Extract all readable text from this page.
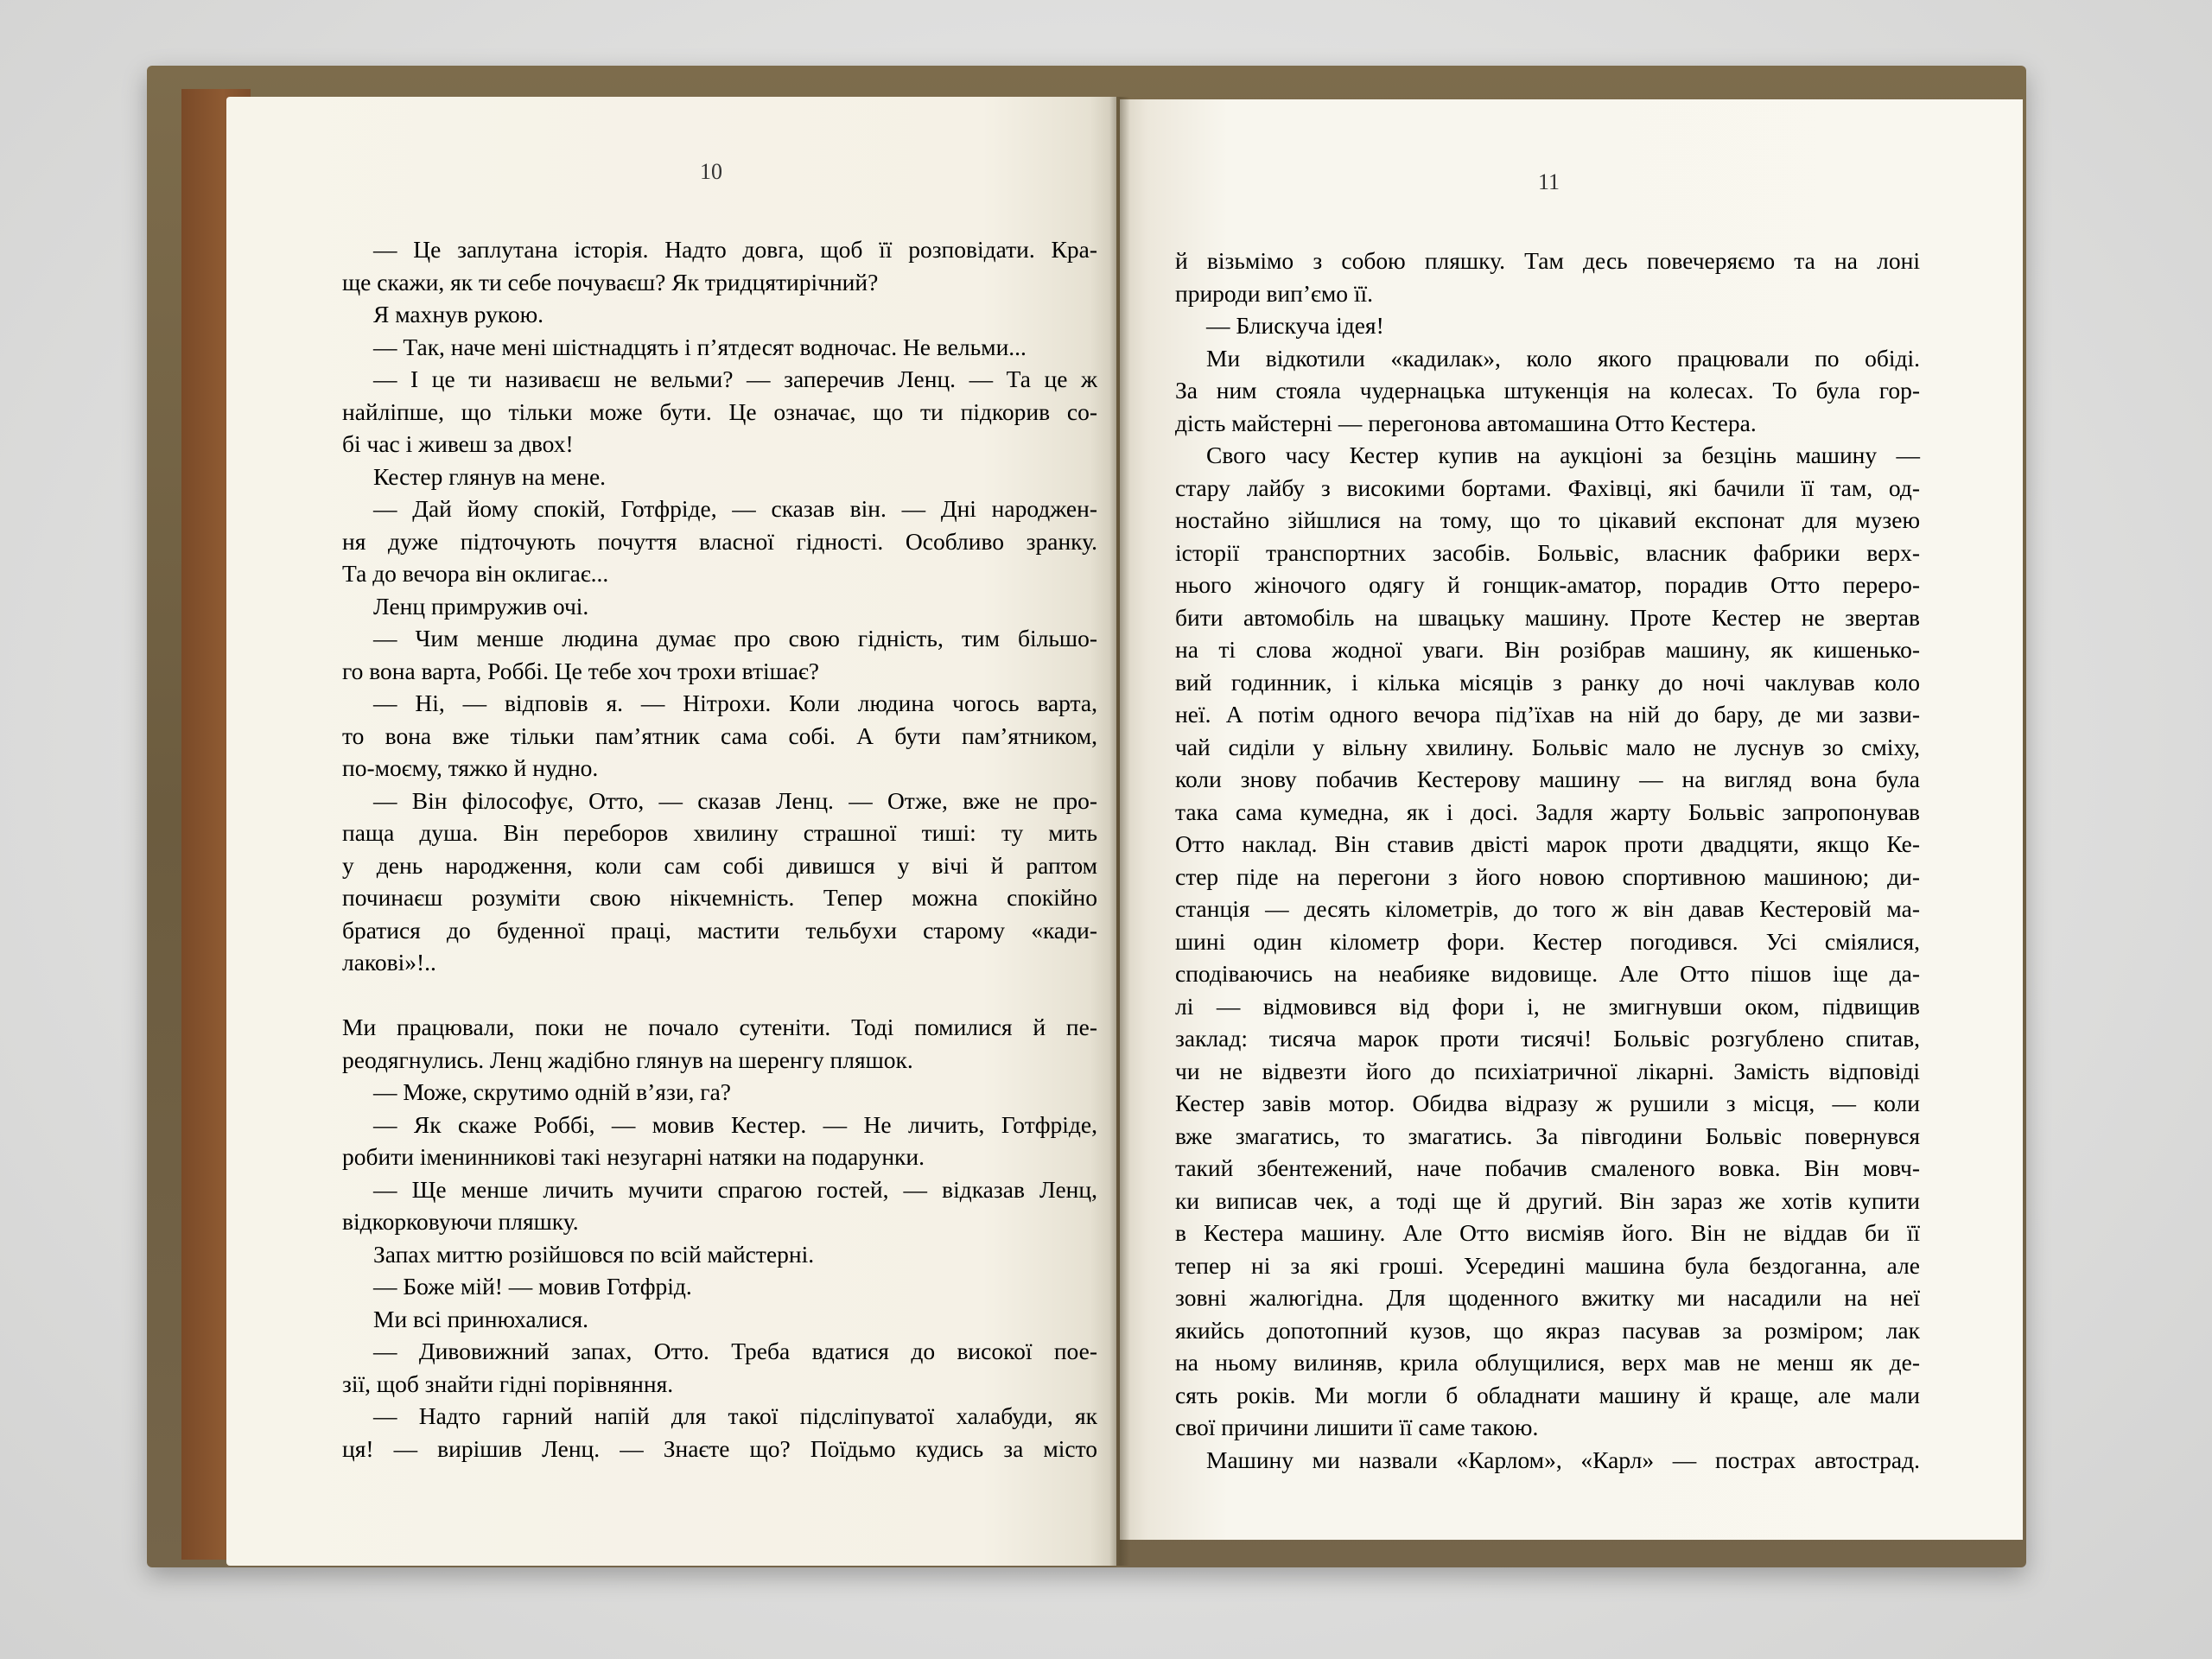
10	11
— Це заплутана історія. Надто довга, щоб її розповідати. Кра-
ще скажи, як ти себе почуваєш? Як тридцятирічний?
Я махнув рукою.
— Так, наче мені шістнадцять і п’ятдесят водночас. Не вельми...
— І це ти називаєш не вельми? — заперечив Ленц. — Та це ж
найліпше, що тільки може бути. Це означає, що ти підкорив со-
бі час і живеш за двох!
Кестер глянув на мене.
— Дай йому спокій, Готфріде, — сказав він. — Дні народжен-
ня дуже підточують почуття власної гідності. Особливо зранку.
Та до вечора він оклигає...
Ленц примружив очі.
— Чим менше людина думає про свою гідність, тим більшо-
го вона варта, Роббі. Це тебе хоч трохи втішає?
— Ні, — відповів я. — Нітрохи. Коли людина чогось варта,
то вона вже тільки пам’ятник сама собі. А бути пам’ятником,
по-моєму, тяжко й нудно.
— Він філософує, Отто, — сказав Ленц. — Отже, вже не про-
паща душа. Він переборов хвилину страшної тиші: ту мить
у день народження, коли сам собі дивишся у вічі й раптом
починаєш розуміти свою нікчемність. Тепер можна спокійно
братися до буденної праці, мастити тельбухи старому «кади-
лакові»!..
Ми працювали, поки не почало сутеніти. Тоді помилися й пе-
реодягнулись. Ленц жадібно глянув на шеренгу пляшок.
— Може, скрутимо одній в’язи, га?
— Як скаже Роббі, — мовив Кестер. — Не личить, Готфріде,
робити іменинникові такі незугарні натяки на подарунки.
— Ще менше личить мучити спрагою гостей, — відказав Ленц,
відкорковуючи пляшку.
Запах миттю розійшовся по всій майстерні.
— Боже мій! — мовив Готфрід.
Ми всі принюхалися.
— Дивовижний запах, Отто. Треба вдатися до високої пое-
зії, щоб знайти гідні порівняння.
— Надто гарний напій для такої підсліпуватої халабуди, як
ця! — вирішив Ленц. — Знаєте що? Поїдьмо кудись за місто
й візьмімо з собою пляшку. Там десь повечеряємо та на лоні
природи вип’ємо її.
— Блискуча ідея!
Ми відкотили «кадилак», коло якого працювали по обіді.
За ним стояла чудернацька штукенція на колесах. То була гор-
дість майстерні — перегонова автомашина Отто Кестера.
Свого часу Кестер купив на аукціоні за безцінь машину —
стару лайбу з високими бортами. Фахівці, які бачили її там, од-
ностайно зійшлися на тому, що то цікавий експонат для музею
історії транспортних засобів. Больвіс, власник фабрики верх-
нього жіночого одягу й гонщик-аматор, порадив Отто переро-
бити автомобіль на швацьку машину. Проте Кестер не звертав
на ті слова жодної уваги. Він розібрав машину, як кишенько-
вий годинник, і кілька місяців з ранку до ночі чаклував коло
неї. А потім одного вечора під’їхав на ній до бару, де ми зазви-
чай сиділи у вільну хвилину. Больвіс мало не луснув зо сміху,
коли знову побачив Кестерову машину — на вигляд вона була
така сама кумедна, як і досі. Задля жарту Больвіс запропонував
Отто наклад. Він ставив двісті марок проти двадцяти, якщо Ке-
стер піде на перегони з його новою спортивною машиною; ди-
станція — десять кілометрів, до того ж він давав Кестеровій ма-
шині один кілометр фори. Кестер погодився. Усі сміялися,
сподіваючись на неабияке видовище. Але Отто пішов іще да-
лі — відмовився від фори і, не змигнувши оком, підвищив
заклад: тисяча марок проти тисячі! Больвіс розгублено спитав,
чи не відвезти його до психіатричної лікарні. Замість відповіді
Кестер завів мотор. Обидва відразу ж рушили з місця, — коли
вже змагатись, то змагатись. За півгодини Больвіс повернувся
такий збентежений, наче побачив смаленого вовка. Він мовч-
ки виписав чек, а тоді ще й другий. Він зараз же хотів купити
в Кестера машину. Але Отто висміяв його. Він не віддав би її
тепер ні за які гроші. Усередині машина була бездоганна, але
зовні жалюгідна. Для щоденного вжитку ми насадили на неї
якийсь допотопний кузов, що якраз пасував за розміром; лак
на ньому вилиняв, крила облущилися, верх мав не менш як де-
сять років. Ми могли б обладнати машину й краще, але мали
свої причини лишити її саме такою.
Машину ми назвали «Карлом», «Карл» — пострах автострад.
